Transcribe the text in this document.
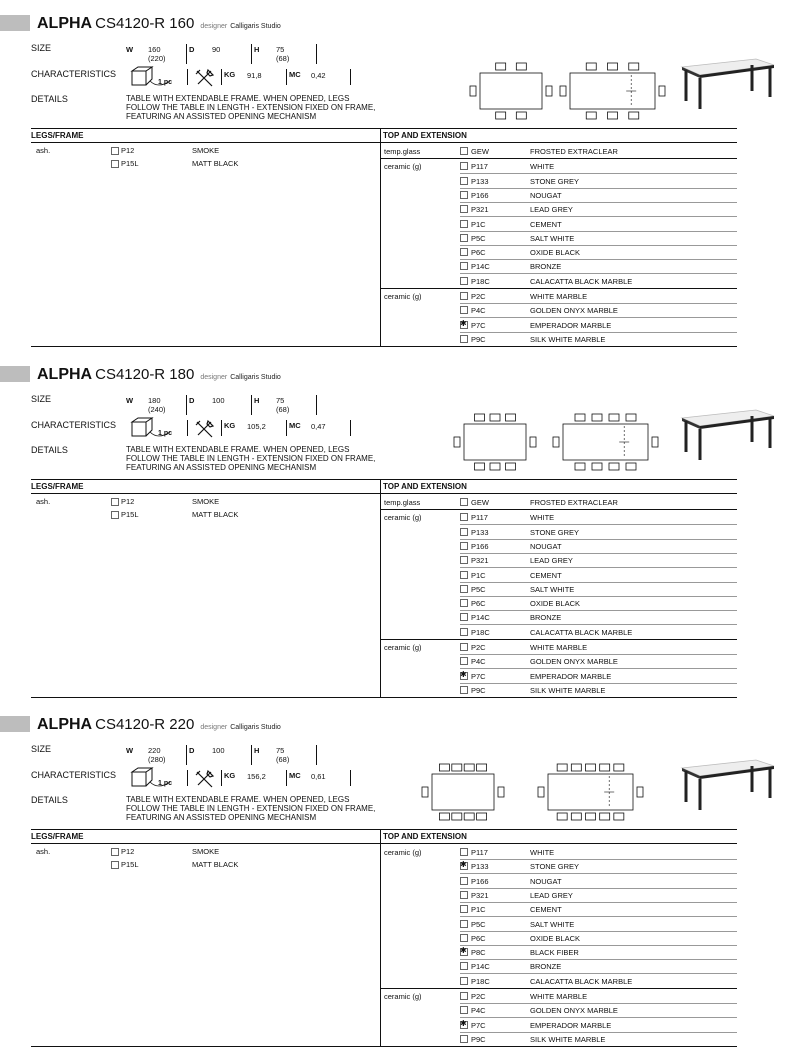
ALPHA CS4120-R 160 designer Calligaris Studio
SIZE
CHARACTERISTICS
DETAILS
W 160
(220)
D 90	H 75
(68)
1 pc
KG 91,8	MC 0,42
TABLE WITH EXTENDABLE FRAME. WHEN OPENED, LEGS
FOLLOW THE TABLE IN LENGTH - EXTENSION FIXED ON FRAME,
FEATURING AN ASSISTED OPENING MECHANISM
LEGS/FRAME	TOP AND EXTENSION
ash.	P12	SMOKE
P15L	MATT BLACK
temp.glass	GEW	FROSTED EXTRACLEAR
ceramic (g)	P117	WHITE
P133	STONE GREY
P166	NOUGAT
P321	LEAD GREY
P1C	CEMENT
P5C	SALT WHITE
P6C	OXIDE BLACK
P14C	BRONZE
P18C	CALACATTA BLACK MARBLE
ceramic (g)	P2C	WHITE MARBLE
P4C	GOLDEN ONYX MARBLE
✱
P7C	EMPERADOR MARBLE
P9C	SILK WHITE MARBLE
ALPHA CS4120-R 180 designer Calligaris Studio
SIZE
CHARACTERISTICS
DETAILS
W 180
(240)
D 100	H 75
(68)
1 pc
KG 105,2	MC 0,47
TABLE WITH EXTENDABLE FRAME. WHEN OPENED, LEGS
FOLLOW THE TABLE IN LENGTH - EXTENSION FIXED ON FRAME,
FEATURING AN ASSISTED OPENING MECHANISM
LEGS/FRAME	TOP AND EXTENSION
ash.	P12	SMOKE
P15L	MATT BLACK
temp.glass	GEW	FROSTED EXTRACLEAR
ceramic (g)	P117	WHITE
P133	STONE GREY
P166	NOUGAT
P321	LEAD GREY
P1C	CEMENT
P5C	SALT WHITE
P6C	OXIDE BLACK
P14C	BRONZE
P18C	CALACATTA BLACK MARBLE
ceramic (g)	P2C	WHITE MARBLE
P4C	GOLDEN ONYX MARBLE
✱
P7C	EMPERADOR MARBLE
P9C	SILK WHITE MARBLE
ALPHA CS4120-R 220 designer Calligaris Studio
SIZE
CHARACTERISTICS
DETAILS
W 220
(280)
D 100	H 75
(68)
1 pc
KG 156,2	MC 0,61
TABLE WITH EXTENDABLE FRAME. WHEN OPENED, LEGS
FOLLOW THE TABLE IN LENGTH - EXTENSION FIXED ON FRAME,
FEATURING AN ASSISTED OPENING MECHANISM
LEGS/FRAME	TOP AND EXTENSION
ash.	P12	SMOKE
P15L	MATT BLACK
ceramic (g)	P117	WHITE
✱
P133	STONE GREY
P166	NOUGAT
P321	LEAD GREY
P1C	CEMENT
P5C	SALT WHITE
P6C	OXIDE BLACK
✱
P8C	BLACK FIBER
P14C	BRONZE
P18C	CALACATTA BLACK MARBLE
ceramic (g)	P2C	WHITE MARBLE
P4C	GOLDEN ONYX MARBLE
✱
P7C	EMPERADOR MARBLE
P9C	SILK WHITE MARBLE
